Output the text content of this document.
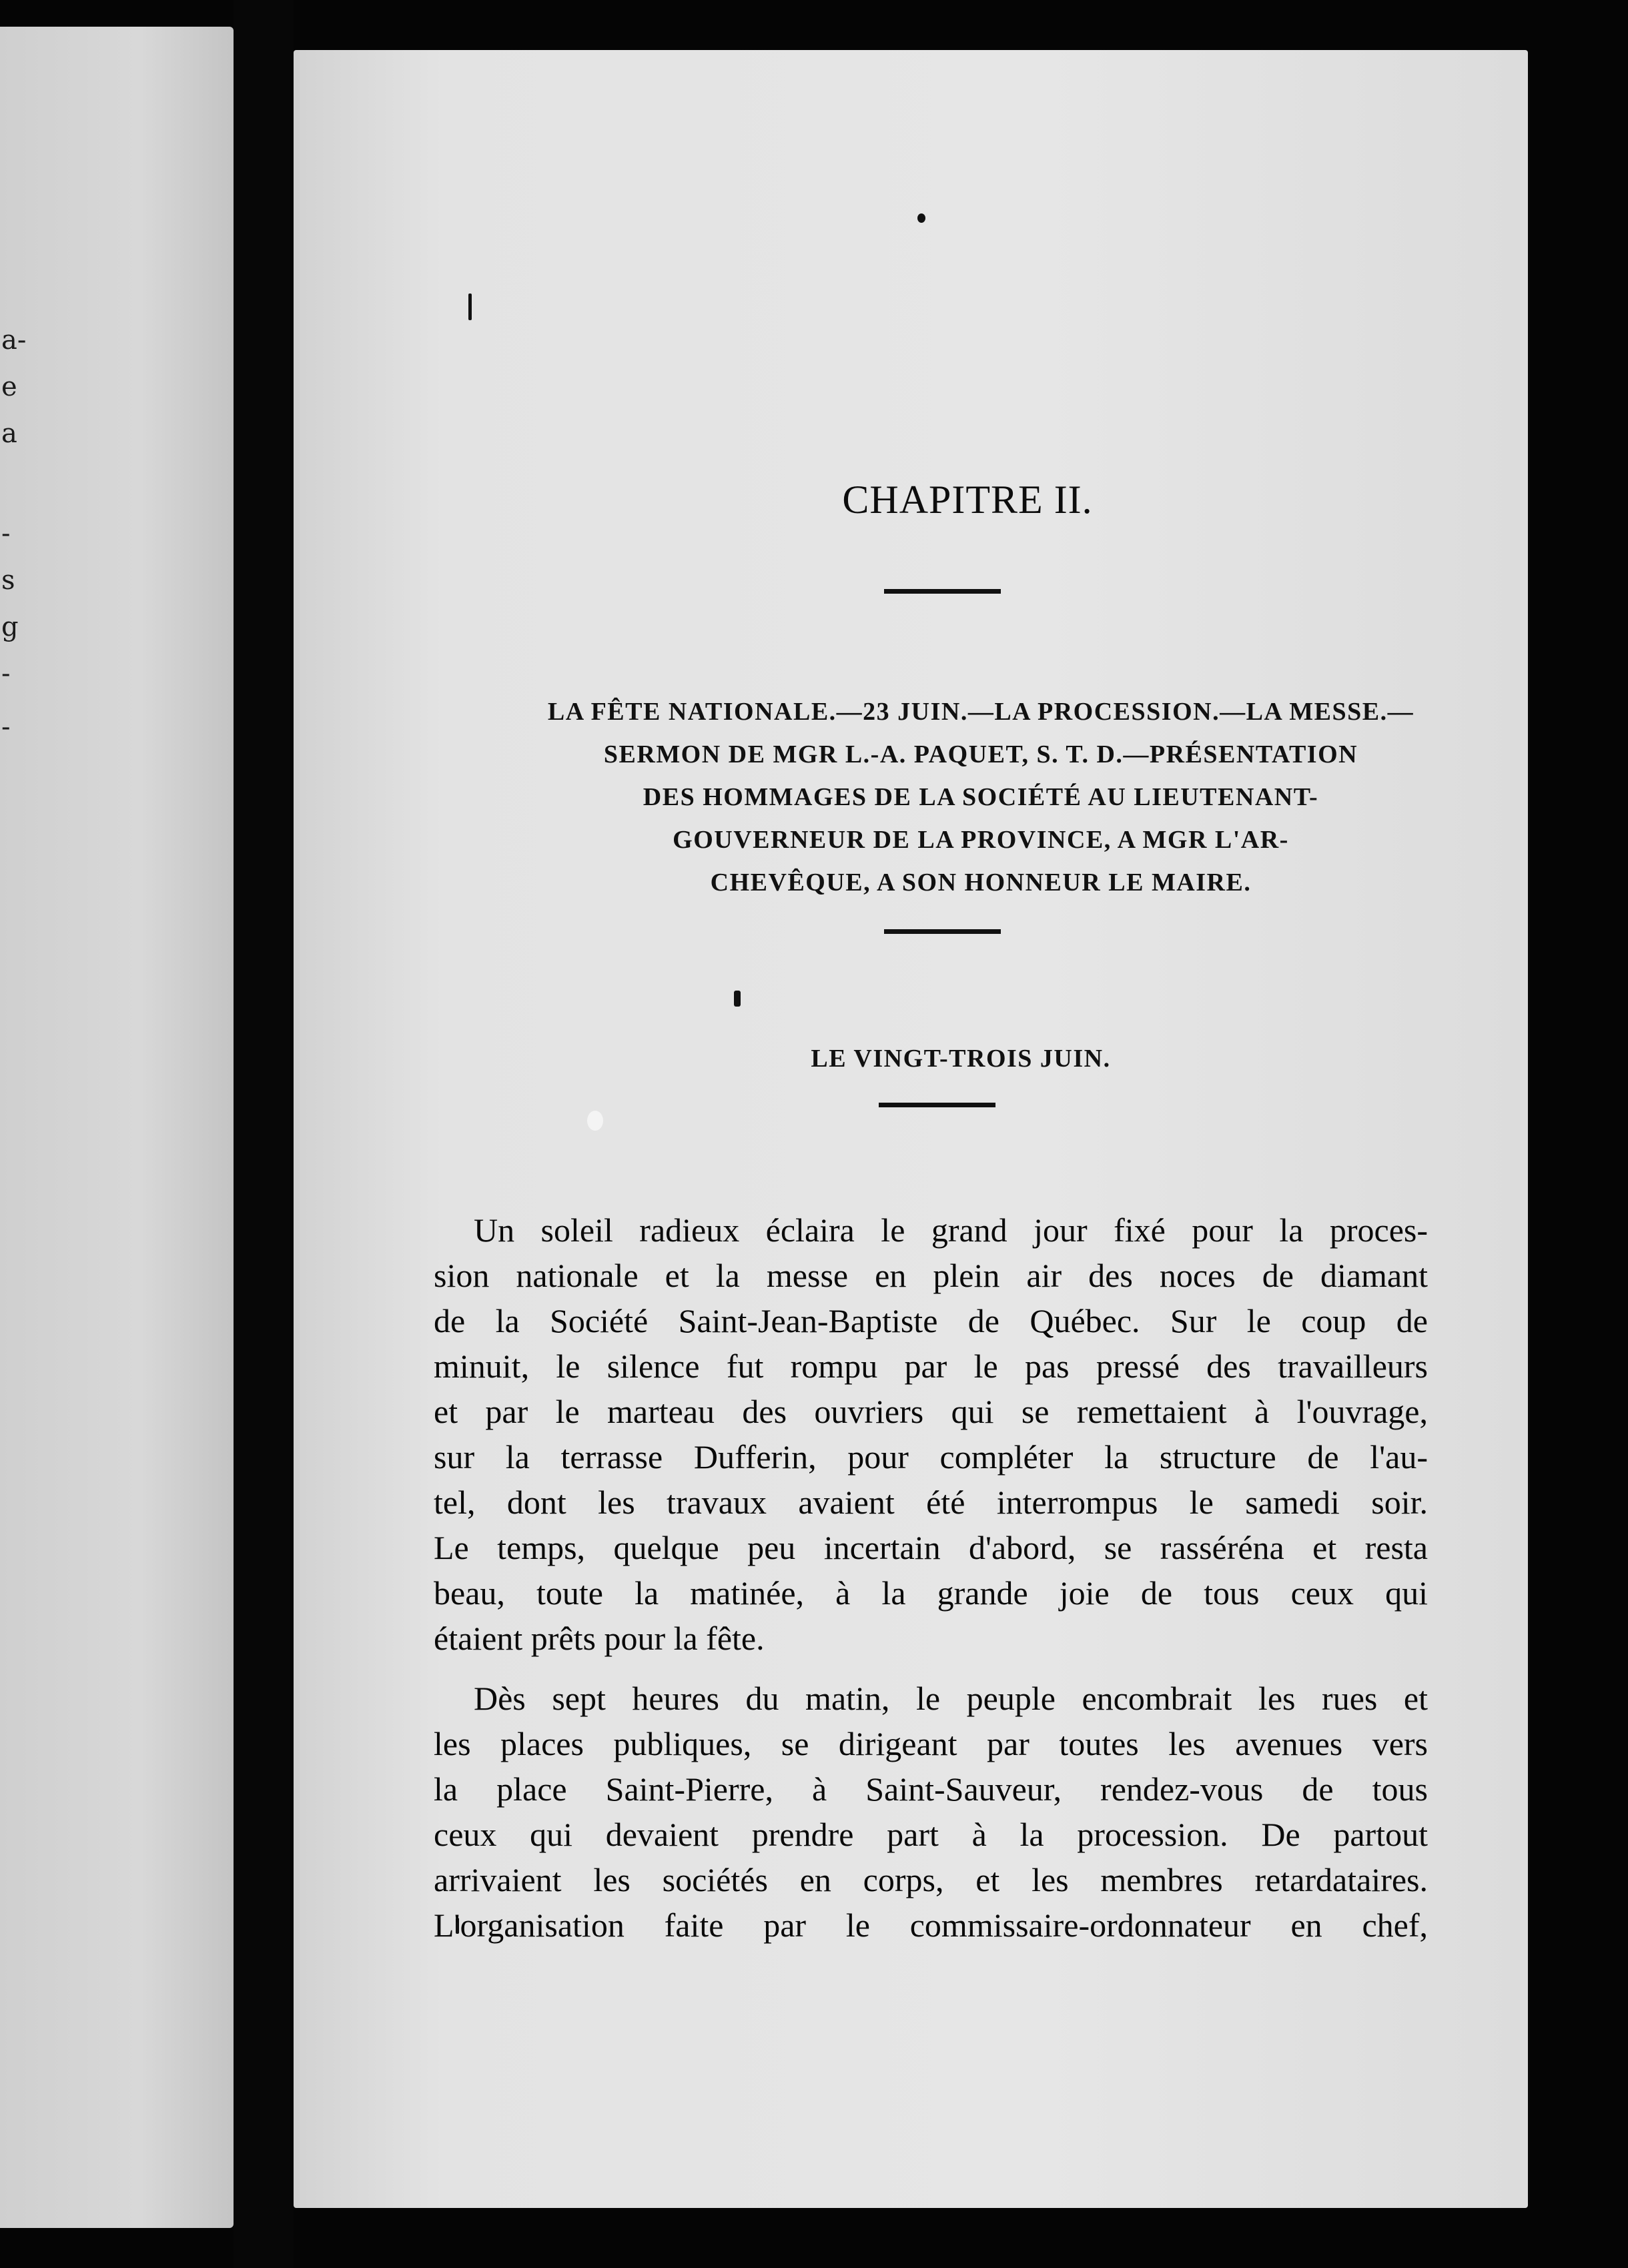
a-
e
a
-
s
g
-
-
CHAPITRE II.
LA FÊTE NATIONALE.—23 JUIN.—LA PROCESSION.—LA MESSE.—
SERMON DE MGR L.-A. PAQUET, S. T. D.—PRÉSENTATION
DES HOMMAGES DE LA SOCIÉTÉ AU LIEUTENANT-
GOUVERNEUR DE LA PROVINCE, A MGR L'AR-
CHEVÊQUE, A SON HONNEUR LE MAIRE.
LE VINGT-TROIS JUIN.
Un soleil radieux éclaira le grand jour fixé pour la proces-
sion nationale et la messe en plein air des noces de diamant
de la Société Saint-Jean-Baptiste de Québec. Sur le coup de
minuit, le silence fut rompu par le pas pressé des travailleurs
et par le marteau des ouvriers qui se remettaient à l'ouvrage,
sur la terrasse Dufferin, pour compléter la structure de l'au-
tel, dont les travaux avaient été interrompus le samedi soir.
Le temps, quelque peu incertain d'abord, se rasséréna et resta
beau, toute la matinée, à la grande joie de tous ceux qui
étaient prêts pour la fête.
Dès sept heures du matin, le peuple encombrait les rues et
les places publiques, se dirigeant par toutes les avenues vers
la place Saint-Pierre, à Saint-Sauveur, rendez-vous de tous
ceux qui devaient prendre part à la procession. De partout
arrivaient les sociétés en corps, et les membres retardataires.
L'organisation faite par le commissaire-ordonnateur en chef,
